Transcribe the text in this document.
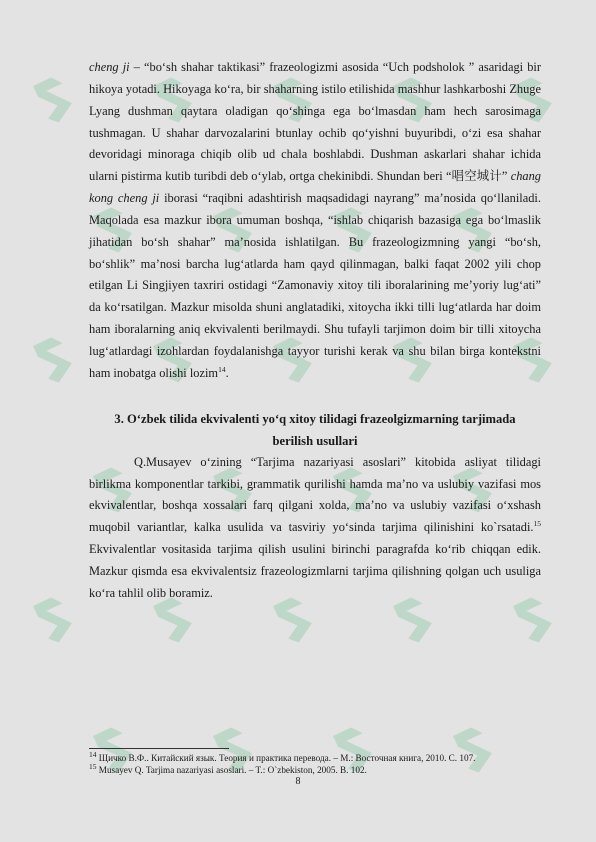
cheng ji – “bo‘sh shahar taktikasi” frazeologizmi asosida “Uch podsholok ” asaridagi bir hikoya yotadi. Hikoyaga ko‘ra, bir shaharning istilo etilishida mashhur lashkarboshi Zhuge Lyang dushman qaytara oladigan qo‘shinga ega bo‘lmasdan ham hech sarosimaga tushmagan. U shahar darvozalarini btunlay ochib qo‘yishni buyuribdi, o‘zi esa shahar devoridagi minoraga chiqib olib ud chala boshlabdi. Dushman askarlari shahar ichida ularni pistirma kutib turibdi deb o‘ylab, ortga chekinibdi. Shundan beri “唱空城计” chang kong cheng ji iborasi “raqibni adashtirish maqsadidagi nayrang” ma’nosida qo‘llaniladi. Maqolada esa mazkur ibora umuman boshqa, “ishlab chiqarish bazasiga ega bo‘lmaslik jihatidan bo‘sh shahar” ma’nosida ishlatilgan. Bu frazeologizmning yangi “bo‘sh, bo‘shlik” ma’nosi barcha lug‘atlarda ham qayd qilinmagan, balki faqat 2002 yili chop etilgan Li Singjiyen taxriri ostidagi “Zamonaviy xitoy tili iboralarining me’yoriy lug‘ati” da ko‘rsatilgan. Mazkur misolda shuni anglatadiki, xitoycha ikki tilli lug‘atlarda har doim ham iboralarning aniq ekvivalenti berilmaydi. Shu tufayli tarjimon doim bir tilli xitoycha lug‘atlardagi izohlardan foydalanishga tayyor turishi kerak va shu bilan birga kontekstni ham inobatga olishi lozim$^{14}$.

3. O‘zbek tilida ekvivalenti yo‘q xitoy tilidagi frazeolgizmarning tarjimada
berilish usullari

Q.Musayev o‘zining “Tarjima nazariyasi asoslari” kitobida asliyat tilidagi birlikma komponentlar tarkibi, grammatik qurilishi hamda ma’no va uslubiy vazifasi mos ekvivalentlar, boshqa xossalari farq qilgani xolda, ma’no va uslubiy vazifasi o‘xshash muqobil variantlar, kalka usulida va tasviriy yo‘sinda tarjima qilinishini ko`rsatadi.$^{15}$ Ekvivalentlar vositasida tarjima qilish usulini birinchi paragrafda ko‘rib chiqqan edik. Mazkur qismda esa ekvivalentsiz frazeologizmlarni tarjima qilishning qolgan uch usuliga ko‘ra tahlil olib boramiz.

$^{14}$ Щичко В.Ф.. Китайский язык. Теория и практика перевода. – М.: Восточная книга, 2010. С. 107.

$^{15}$ Musayev Q. Tarjima nazariyasi asoslari. – T.: O`zbekiston, 2005. B. 102.

8
